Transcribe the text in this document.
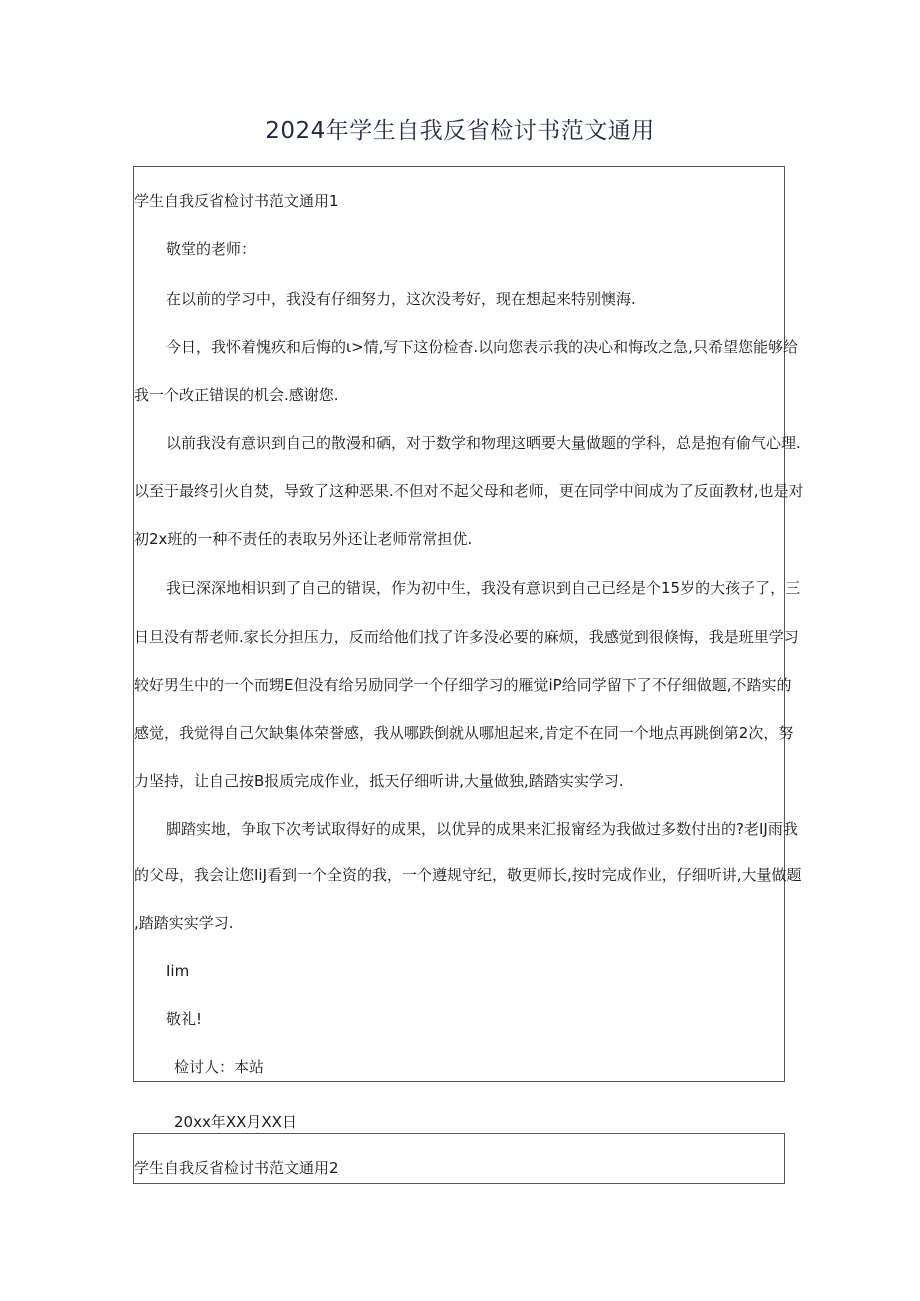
2024年学生自我反省检讨书范文通用
学生自我反省检讨书范文通用1
敬堂的老师：
在以前的学习中，我没有仔细努力，这次没考好，现在想起来特别懊海.
今日，我怀着愧疚和后悔的ι>情,写下这份检杳.以向您表示我的决心和悔改之急,只希望您能够给
我一个改正错误的机会.感谢您.
以前我没有意识到自己的散漫和硒，对于数学和物理这晒要大量做题的学科，总是抱有偷气心理.
以至于最终引火自焚，导致了这种恶果.不但对不起父母和老师，更在同学中间成为了反面教材,也是对
初2x班的一种不责任的表取另外还让老师常常担优.
我已深深地相识到了自己的错误，作为初中生，我没有意识到自己已经是个15岁的大孩子了，三
日旦没有帮老师.家长分担压力，反而给他们找了许多没必要的麻烦，我感觉到很倏悔，我是班里学习
较好男生中的一个而甥E但没有给另励同学一个仔细学习的雁觉iP给同学留下了不仔细做题,不踏实的
感觉，我觉得自己欠缺集体荣誉感，我从哪跌倒就从哪旭起来,肯定不在同一个地点再跳倒第2次，努
力坚持，让自己按B报质完成作业，抵天仔细听讲,大量做独,踏踏实实学习.
脚踏实地，争取下次考试取得好的成果，以优异的成果来汇报甯经为我做过多数付出的?老IJ雨我
的父母，我会让您IiJ看到一个全资的我，一个遵规守纪，敬更师长,按时完成作业，仔细听讲,大量做题
,踏踏实实学习.
Iim
敬礼!
检讨人：本站
20xx年XX月XX日
学生自我反省检讨书范文通用2
